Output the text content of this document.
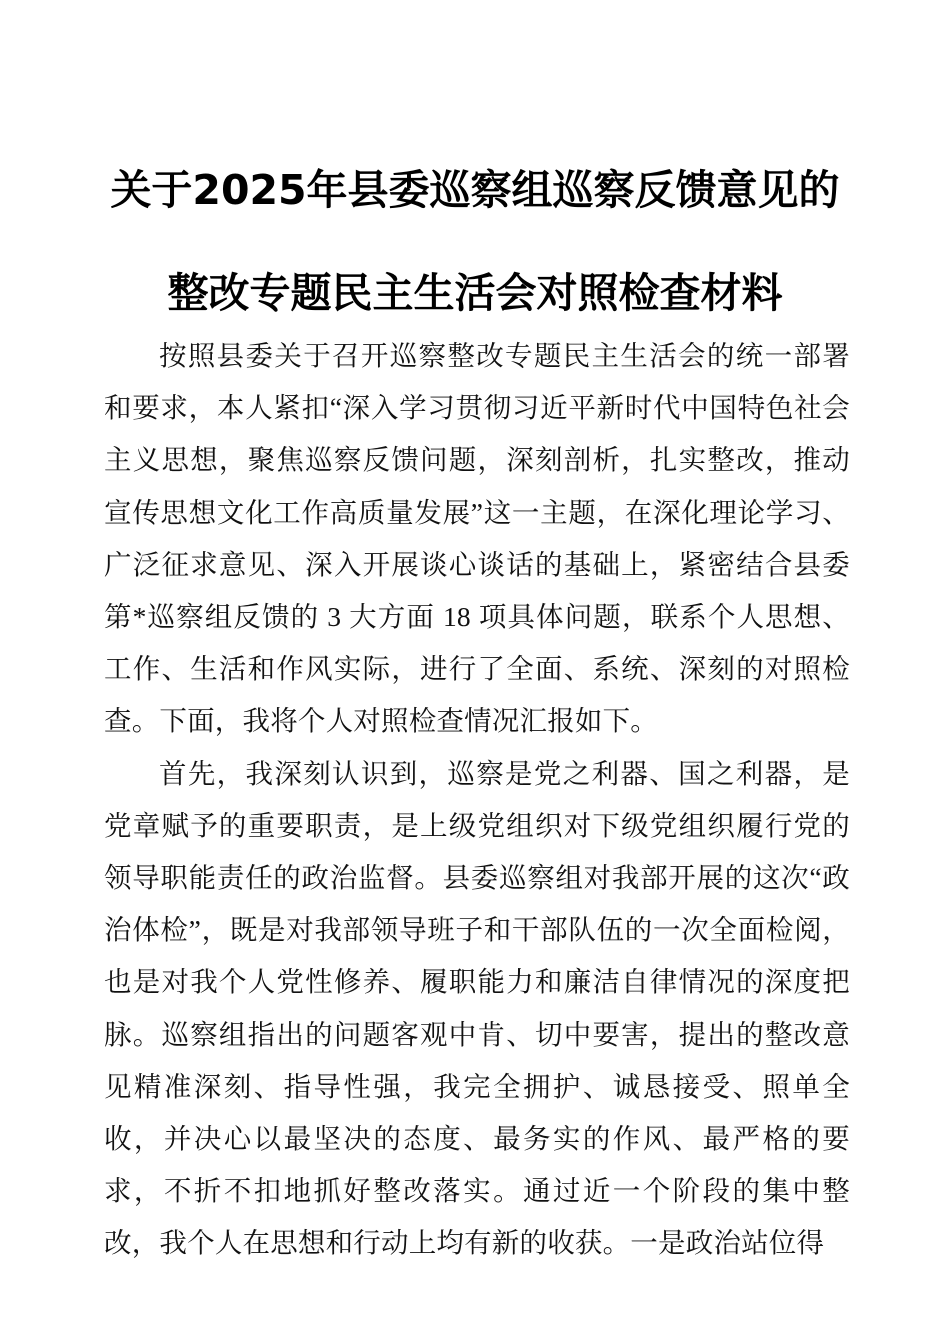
关于2025年县委巡察组巡察反馈意见的整改专题民主生活会对照检查材料

按照县委关于召开巡察整改专题民主生活会的统一部署和要求，本人紧扣“深入学习贯彻习近平新时代中国特色社会主义思想，聚焦巡察反馈问题，深刻剖析，扎实整改，推动宣传思想文化工作高质量发展”这一主题，在深化理论学习、广泛征求意见、深入开展谈心谈话的基础上，紧密结合县委第*巡察组反馈的 3 大方面 18 项具体问题，联系个人思想、工作、生活和作风实际，进行了全面、系统、深刻的对照检查。下面，我将个人对照检查情况汇报如下。

首先，我深刻认识到，巡察是党之利器、国之利器，是党章赋予的重要职责，是上级党组织对下级党组织履行党的领导职能责任的政治监督。县委巡察组对我部开展的这次“政治体检”，既是对我部领导班子和干部队伍的一次全面检阅，也是对我个人党性修养、履职能力和廉洁自律情况的深度把脉。巡察组指出的问题客观中肯、切中要害，提出的整改意见精准深刻、指导性强，我完全拥护、诚恳接受、照单全收，并决心以最坚决的态度、最务实的作风、最严格的要求，不折不扣地抓好整改落实。通过近一个阶段的集中整改，我个人在思想和行动上均有新的收获。一是政治站位得
